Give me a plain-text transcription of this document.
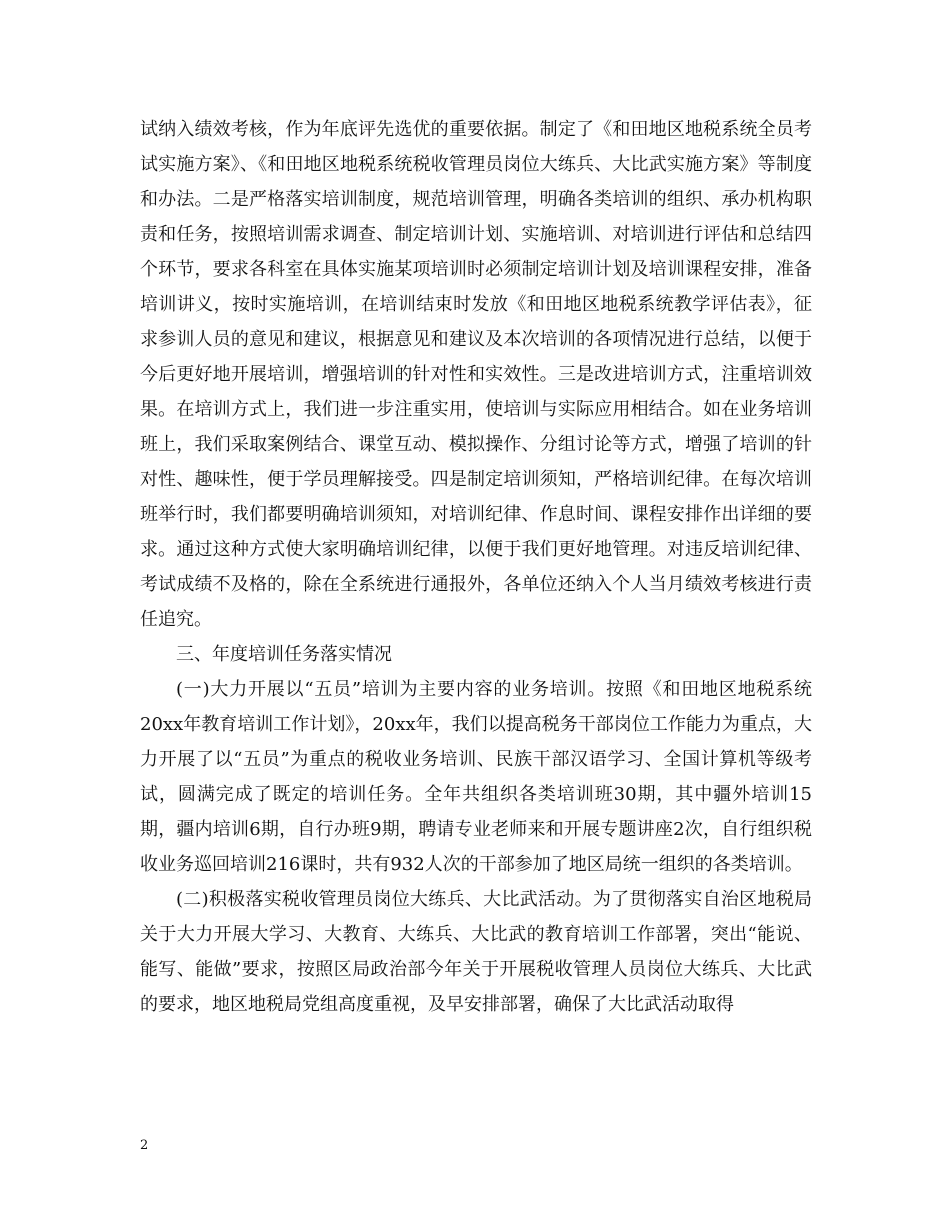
试纳入绩效考核，作为年底评先选优的重要依据。制定了《和田地区地税系统全员考试实施方案》、《和田地区地税系统税收管理员岗位大练兵、大比武实施方案》等制度和办法。二是严格落实培训制度，规范培训管理，明确各类培训的组织、承办机构职责和任务，按照培训需求调查、制定培训计划、实施培训、对培训进行评估和总结四个环节，要求各科室在具体实施某项培训时必须制定培训计划及培训课程安排，准备培训讲义，按时实施培训，在培训结束时发放《和田地区地税系统教学评估表》，征求参训人员的意见和建议，根据意见和建议及本次培训的各项情况进行总结，以便于今后更好地开展培训，增强培训的针对性和实效性。三是改进培训方式，注重培训效果。在培训方式上，我们进一步注重实用，使培训与实际应用相结合。如在业务培训班上，我们采取案例结合、课堂互动、模拟操作、分组讨论等方式，增强了培训的针对性、趣味性，便于学员理解接受。四是制定培训须知，严格培训纪律。在每次培训班举行时，我们都要明确培训须知，对培训纪律、作息时间、课程安排作出详细的要求。通过这种方式使大家明确培训纪律，以便于我们更好地管理。对违反培训纪律、考试成绩不及格的，除在全系统进行通报外，各单位还纳入个人当月绩效考核进行责任追究。

三、年度培训任务落实情况

(一)大力开展以“五员”培训为主要内容的业务培训。按照《和田地区地税系统20xx年教育培训工作计划》，20xx年，我们以提高税务干部岗位工作能力为重点，大力开展了以“五员”为重点的税收业务培训、民族干部汉语学习、全国计算机等级考试，圆满完成了既定的培训任务。全年共组织各类培训班30期，其中疆外培训15期，疆内培训6期，自行办班9期，聘请专业老师来和开展专题讲座2次，自行组织税收业务巡回培训216课时，共有932人次的干部参加了地区局统一组织的各类培训。

(二)积极落实税收管理员岗位大练兵、大比武活动。为了贯彻落实自治区地税局关于大力开展大学习、大教育、大练兵、大比武的教育培训工作部署，突出“能说、能写、能做”要求，按照区局政治部今年关于开展税收管理人员岗位大练兵、大比武的要求，地区地税局党组高度重视，及早安排部署，确保了大比武活动取得

2
